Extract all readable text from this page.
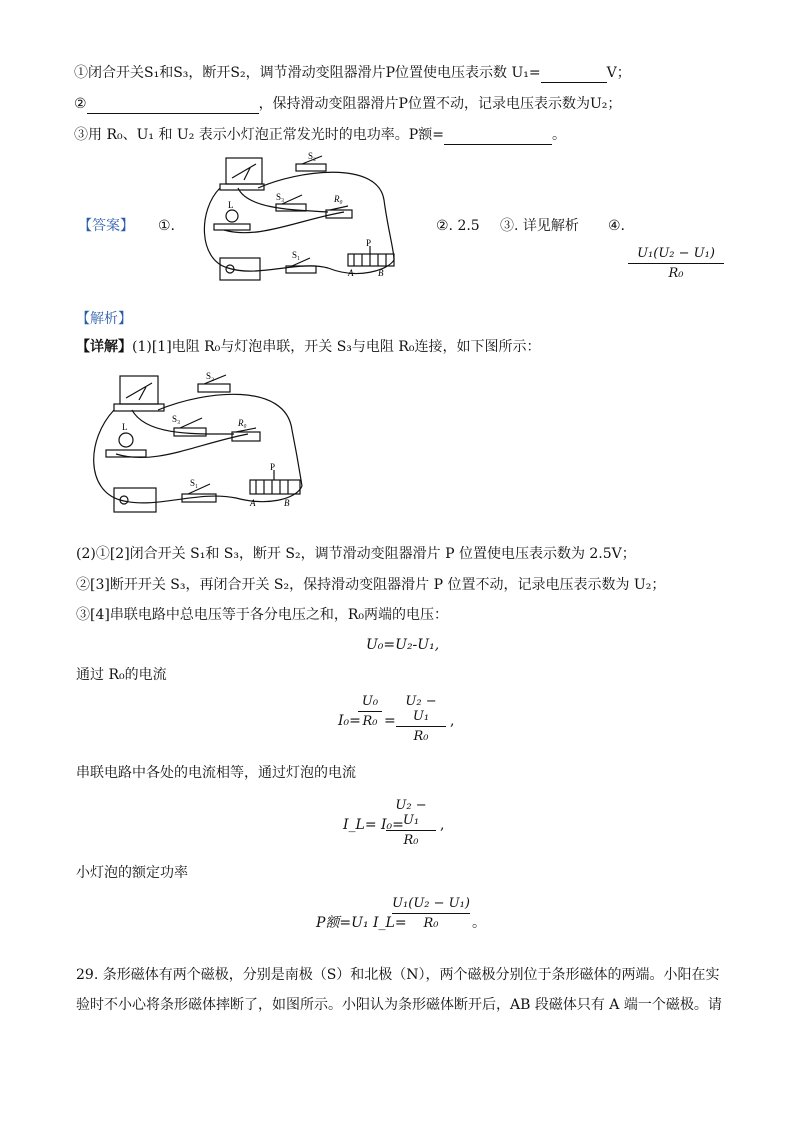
①闭合开关S₁和S₃，断开S₂，调节滑动变阻器滑片P位置使电压表示数 U₁=	V；
②	，保持滑动变阻器滑片P位置不动，记录电压表示数为U₂；
③用 R₀、U₁ 和 U₂ 表示小灯泡正常发光时的电功率。P额=	。
【答案】 ①.
S₂
S₃	R₀
L
S₁
P
A	B
②. 2.5 ③. 详见解析 ④.
U₁(U₂ − U₁)
R₀
【解析】
【详解】(1)[1]电阻 R₀与灯泡串联，开关 S₃与电阻 R₀连接，如下图所示：
S₂
S₃	R₀
L
S₁
P
A	B
(2)①[2]闭合开关 S₁和 S₃，断开 S₂，调节滑动变阻器滑片 P 位置使电压表示数为 2.5V；
②[3]断开开关 S₃，再闭合开关 S₂，保持滑动变阻器滑片 P 位置不动，记录电压表示数为 U₂；
③[4]串联电路中总电压等于各分电压之和，R₀两端的电压：
U₀=U₂-U₁,
通过 R₀的电流
I₀=
U₀
R₀ =
U₂ − U₁
R₀
,
串联电路中各处的电流相等，通过灯泡的电流
I_L= I₀=
U₂ − U₁
R₀
,
小灯泡的额定功率
P额=U₁ I_L=
U₁(U₂ − U₁)
R₀	。
29. 条形磁体有两个磁极，分别是南极（S）和北极（N），两个磁极分别位于条形磁体的两端。小阳在实
验时不小心将条形磁体摔断了，如图所示。小阳认为条形磁体断开后，AB 段磁体只有 A 端一个磁极。请
